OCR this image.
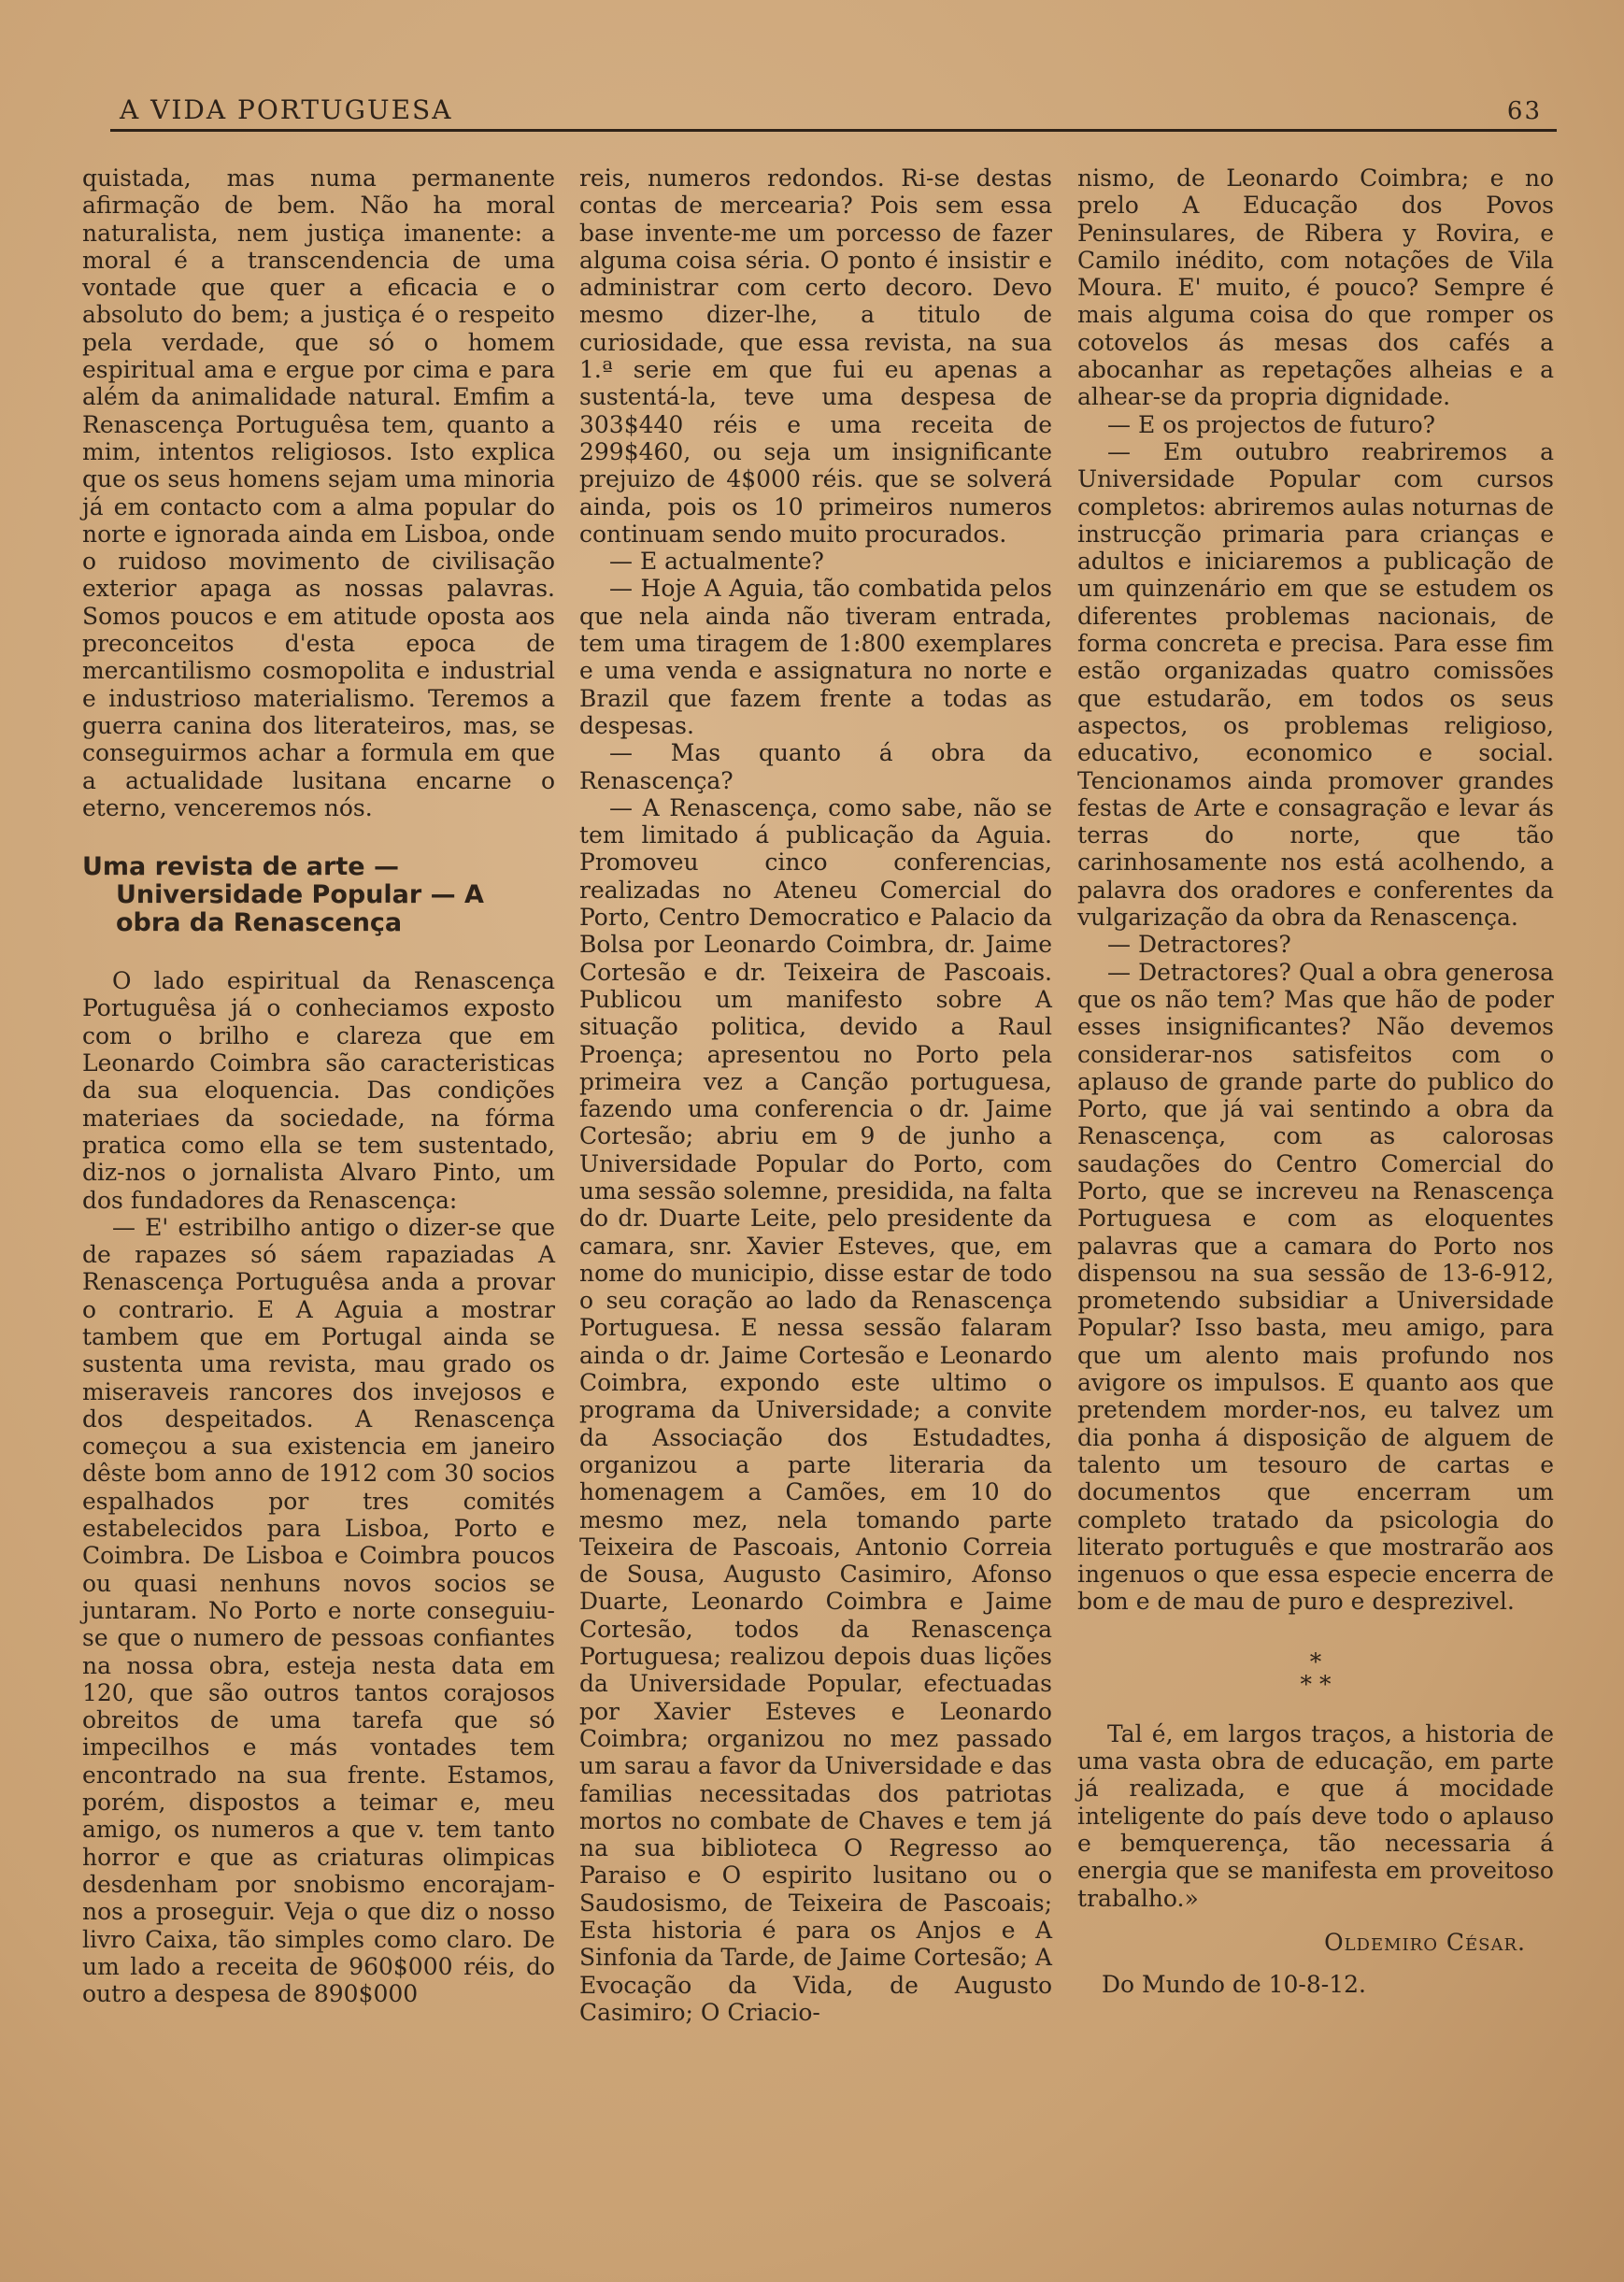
A VIDA PORTUGUESA	63

quistada, mas numa permanente afirmação de bem. Não ha moral naturalista, nem justiça imanente: a moral é a transcendencia de uma vontade que quer a eficacia e o absoluto do bem; a justiça é o respeito pela verdade, que só o homem espiritual ama e ergue por cima e para além da animalidade natural. Emfim a Renascença Portuguêsa tem, quanto a mim, intentos religiosos. Isto explica que os seus homens sejam uma minoria já em contacto com a alma popular do norte e ignorada ainda em Lisboa, onde o ruidoso movimento de civilisação exterior apaga as nossas palavras. Somos poucos e em atitude oposta aos preconceitos d'esta epoca de mercantilismo cosmopolita e industrial e industrioso materialismo. Teremos a guerra canina dos literateiros, mas, se conseguirmos achar a formula em que a actualidade lusitana encarne o eterno, venceremos nós.

Uma revista de arte — Universidade Popular — A obra da Renascença

O lado espiritual da Renascença Portuguêsa já o conheciamos exposto com o brilho e clareza que em Leonardo Coimbra são caracteristicas da sua eloquencia. Das condições materiaes da sociedade, na fórma pratica como ella se tem sustentado, diz-nos o jornalista Alvaro Pinto, um dos fundadores da Renascença:

— E' estribilho antigo o dizer-se que de rapazes só sáem rapaziadas A Renascença Portuguêsa anda a provar o contrario. E A Aguia a mostrar tambem que em Portugal ainda se sustenta uma revista, mau grado os miseraveis rancores dos invejosos e dos despeitados. A Renascença começou a sua existencia em janeiro dêste bom anno de 1912 com 30 socios espalhados por tres comités estabelecidos para Lisboa, Porto e Coimbra. De Lisboa e Coimbra poucos ou quasi nenhuns novos socios se juntaram. No Porto e norte conseguiu-se que o numero de pessoas confiantes na nossa obra, esteja nesta data em 120, que são outros tantos corajosos obreitos de uma tarefa que só impecilhos e más vontades tem encontrado na sua frente. Estamos, porém, dispostos a teimar e, meu amigo, os numeros a que v. tem tanto horror e que as criaturas olimpicas desdenham por snobismo encorajam-nos a proseguir. Veja o que diz o nosso livro Caixa, tão simples como claro. De um lado a receita de 960$000 réis, do outro a despesa de 890$000

reis, numeros redondos. Ri-se destas contas de mercearia? Pois sem essa base invente-me um porcesso de fazer alguma coisa séria. O ponto é insistir e administrar com certo decoro. Devo mesmo dizer-lhe, a titulo de curiosidade, que essa revista, na sua 1.ª serie em que fui eu apenas a sustentá-la, teve uma despesa de 303$440 réis e uma receita de 299$460, ou seja um insignificante prejuizo de 4$000 réis. que se solverá ainda, pois os 10 primeiros numeros continuam sendo muito procurados.

— E actualmente?

— Hoje A Aguia, tão combatida pelos que nela ainda não tiveram entrada, tem uma tiragem de 1:800 exemplares e uma venda e assignatura no norte e Brazil que fazem frente a todas as despesas.

— Mas quanto á obra da Renascença?

— A Renascença, como sabe, não se tem limitado á publicação da Aguia. Promoveu cinco conferencias, realizadas no Ateneu Comercial do Porto, Centro Democratico e Palacio da Bolsa por Leonardo Coimbra, dr. Jaime Cortesão e dr. Teixeira de Pascoais. Publicou um manifesto sobre A situação politica, devido a Raul Proença; apresentou no Porto pela primeira vez a Canção portuguesa, fazendo uma conferencia o dr. Jaime Cortesão; abriu em 9 de junho a Universidade Popular do Porto, com uma sessão solemne, presidida, na falta do dr. Duarte Leite, pelo presidente da camara, snr. Xavier Esteves, que, em nome do municipio, disse estar de todo o seu coração ao lado da Renascença Portuguesa. E nessa sessão falaram ainda o dr. Jaime Cortesão e Leonardo Coimbra, expondo este ultimo o programa da Universidade; a convite da Associação dos Estudadtes, organizou a parte literaria da homenagem a Camões, em 10 do mesmo mez, nela tomando parte Teixeira de Pascoais, Antonio Correia de Sousa, Augusto Casimiro, Afonso Duarte, Leonardo Coimbra e Jaime Cortesão, todos da Renascença Portuguesa; realizou depois duas lições da Universidade Popular, efectuadas por Xavier Esteves e Leonardo Coimbra; organizou no mez passado um sarau a favor da Universidade e das familias necessitadas dos patriotas mortos no combate de Chaves e tem já na sua biblioteca O Regresso ao Paraiso e O espirito lusitano ou o Saudosismo, de Teixeira de Pascoais; Esta historia é para os Anjos e A Sinfonia da Tarde, de Jaime Cortesão; A Evocação da Vida, de Augusto Casimiro; O Criacio-

nismo, de Leonardo Coimbra; e no prelo A Educação dos Povos Peninsulares, de Ribera y Rovira, e Camilo inédito, com notações de Vila Moura. E' muito, é pouco? Sempre é mais alguma coisa do que romper os cotovelos ás mesas dos cafés a abocanhar as repetações alheias e a alhear-se da propria dignidade.

— E os projectos de futuro?

— Em outubro reabriremos a Universidade Popular com cursos completos: abriremos aulas noturnas de instrucção primaria para crianças e adultos e iniciaremos a publicação de um quinzenário em que se estudem os diferentes problemas nacionais, de forma concreta e precisa. Para esse fim estão organizadas quatro comissões que estudarão, em todos os seus aspectos, os problemas religioso, educativo, economico e social. Tencionamos ainda promover grandes festas de Arte e consagração e levar ás terras do norte, que tão carinhosamente nos está acolhendo, a palavra dos oradores e conferentes da vulgarização da obra da Renascença.

— Detractores?

— Detractores? Qual a obra generosa que os não tem? Mas que hão de poder esses insignificantes? Não devemos considerar-nos satisfeitos com o aplauso de grande parte do publico do Porto, que já vai sentindo a obra da Renascença, com as calorosas saudações do Centro Comercial do Porto, que se increveu na Renascença Portuguesa e com as eloquentes palavras que a camara do Porto nos dispensou na sua sessão de 13-6-912, prometendo subsidiar a Universidade Popular? Isso basta, meu amigo, para que um alento mais profundo nos avigore os impulsos. E quanto aos que pretendem morder-nos, eu talvez um dia ponha á disposição de alguem de talento um tesouro de cartas e documentos que encerram um completo tratado da psicologia do literato português e que mostrarão aos ingenuos o que essa especie encerra de bom e de mau de puro e desprezivel.

*
* *

Tal é, em largos traços, a historia de uma vasta obra de educação, em parte já realizada, e que á mocidade inteligente do país deve todo o aplauso e bemquerença, tão necessaria á energia que se manifesta em proveitoso trabalho.»

Oldemiro César.

Do Mundo de 10-8-12.
